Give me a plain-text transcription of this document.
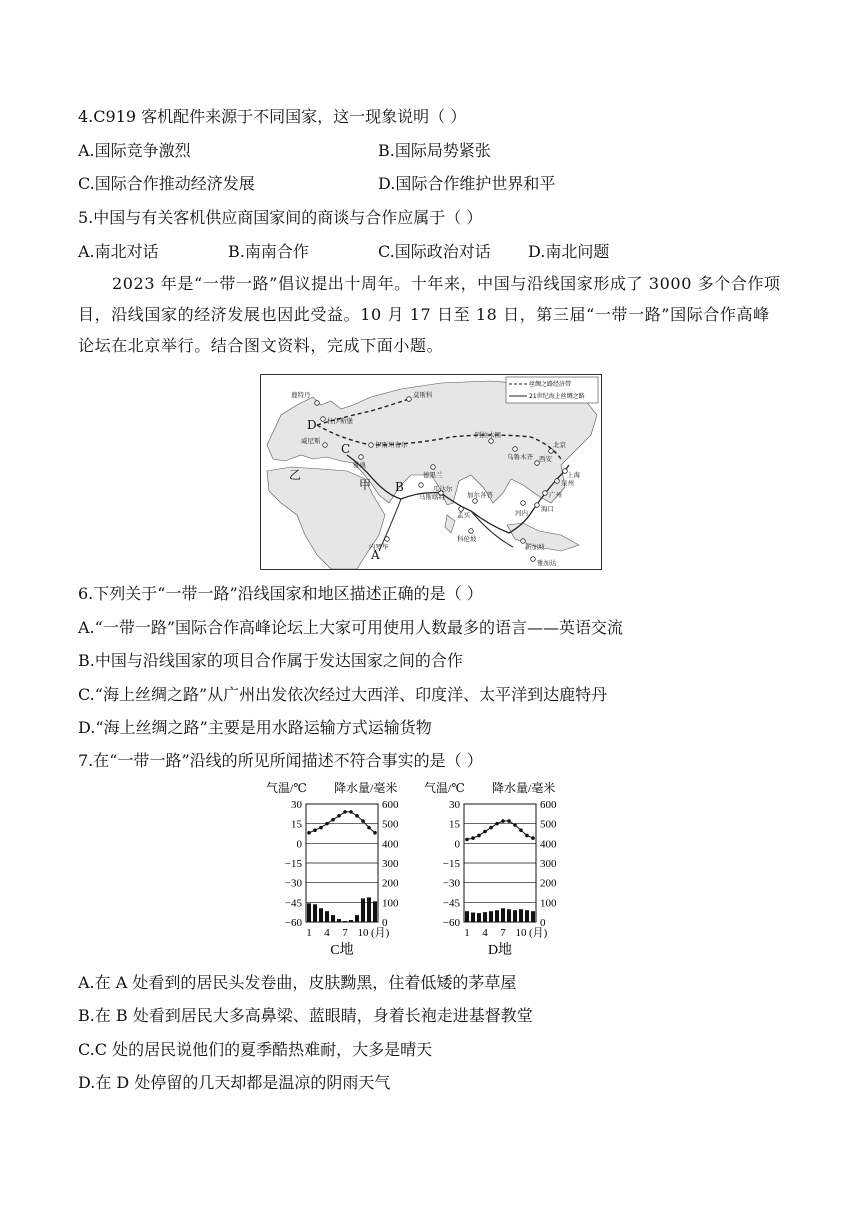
4.C919 客机配件来源于不同国家，这一现象说明（ ）
A.国际竞争激烈	B.国际局势紧张
C.国际合作推动经济发展	D.国际合作维护世界和平
5.中国与有关客机供应商国家间的商谈与合作应属于（ ）
A.南北对话	B.南南合作	C.国际政治对话 D.南北问题
2023 年是“一带一路”倡议提出十周年。十年来，中国与沿线国家形成了 3000 多个合作项目，沿线国家的经济发展也因此受益。10 月 17 日至 18 日，第三届“一带一路”国际合作高峰论坛在北京举行。结合图文资料，完成下面小题。
丝绸之路经济带
21世纪海上丝绸之路
莫斯科
鹿特丹
杜伊斯堡
威尼斯	伊斯坦布尔
雅典
德黑兰
阿拉木图
乌鲁木齐
北京
西安
上海
泉州
广州
海口
河内
瓜达尔
加尔各答
孟买
科伦坡
新加坡
雅加达
内罗毕
马斯喀特
A
B
C
D
甲
乙
6.下列关于“一带一路”沿线国家和地区描述正确的是（ ）
A.“一带一路”国际合作高峰论坛上大家可用使用人数最多的语言——英语交流
B.中国与沿线国家的项目合作属于发达国家之间的合作
C.“海上丝绸之路”从广州出发依次经过大西洋、印度洋、太平洋到达鹿特丹
D.“海上丝绸之路”主要是用水路运输方式运输货物
7.在“一带一路”沿线的所见所闻描述不符合事实的是（ ）
气温/℃ 降水量/毫米
30
15
0
−15
−30
−45
−60
600
500
400
300
200
100
0
1 4 7 10 (月)
C地
气温/℃ 降水量/毫米
30
15
0
−15
−30
−45
−60
600
500
400
300
200
100
0
1 4 7 10 (月)
D地
A.在 A 处看到的居民头发卷曲，皮肤黝黑，住着低矮的茅草屋
B.在 B 处看到居民大多高鼻梁、蓝眼睛，身着长袍走进基督教堂
C.C 处的居民说他们的夏季酷热难耐，大多是晴天
D.在 D 处停留的几天却都是温凉的阴雨天气
